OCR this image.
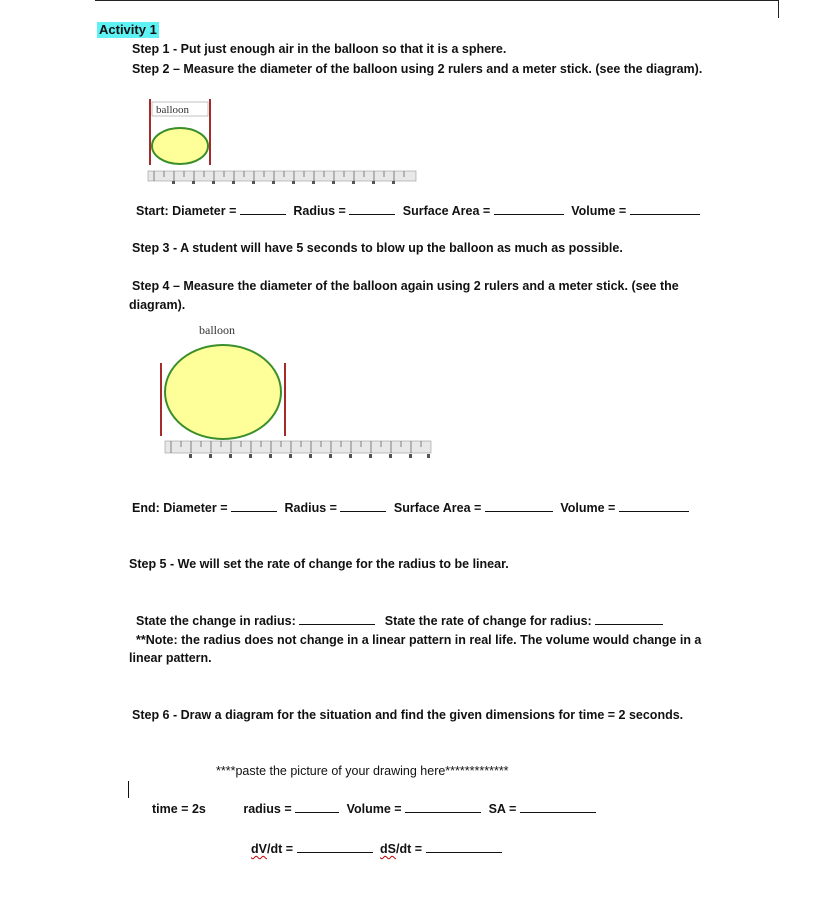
Activity 1
Step 1 - Put just enough air in the balloon so that it is a sphere.
Step 2 – Measure the diameter of the balloon using 2 rulers and a meter stick. (see the diagram).
balloon
Start: Diameter =	Radius =	Surface Area =	Volume =
Step 3 - A student will have 5 seconds to blow up the balloon as much as possible.
Step 4 – Measure the diameter of the balloon again using 2 rulers and a meter stick. (see the
diagram).
balloon
End: Diameter =	Radius =	Surface Area =	Volume =
Step 5 - We will set the rate of change for the radius to be linear.
State the change in radius:	State the rate of change for radius:
**Note: the radius does not change in a linear pattern in real life. The volume would change in a
linear pattern.
Step 6 - Draw a diagram for the situation and find the given dimensions for time = 2 seconds.
****paste the picture of your drawing here*************
time = 2s	radius =	Volume =	SA =
dV/dt =	dS/dt =
